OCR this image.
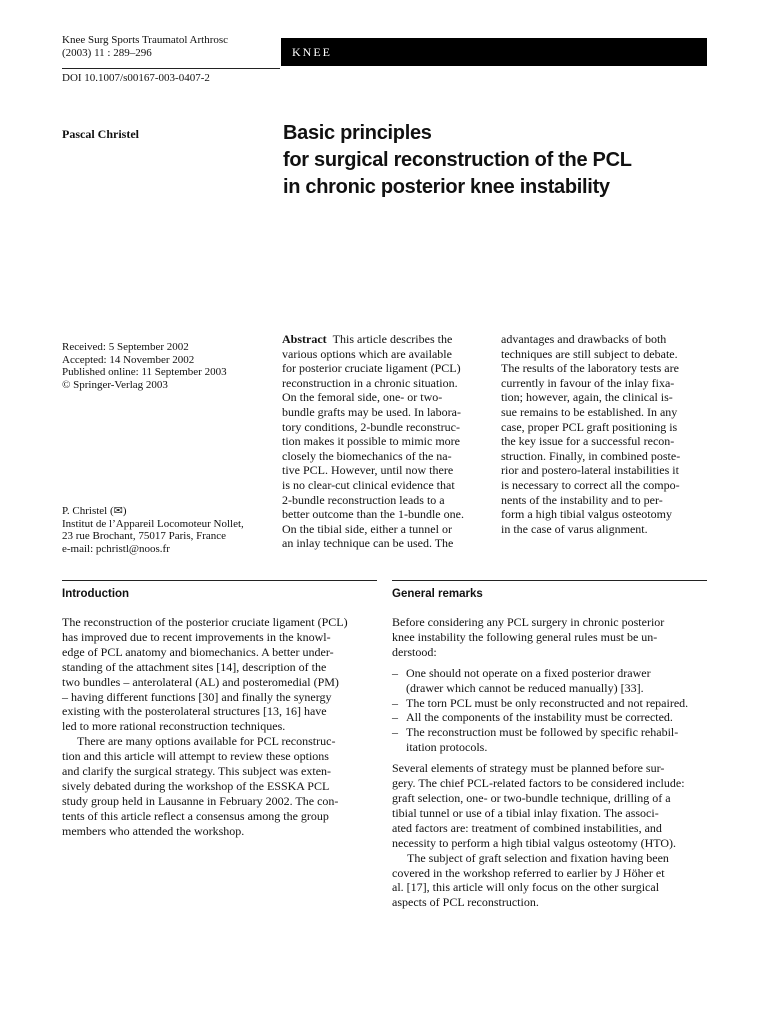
Knee Surg Sports Traumatol Arthrosc
(2003) 11 : 289–296	KNEE
DOI 10.1007/s00167-003-0407-2
Pascal Christel	Basic principles
for surgical reconstruction of the PCL
in chronic posterior knee instability
Received: 5 September 2002
Accepted: 14 November 2002
Published online: 11 September 2003
© Springer-Verlag 2003
P. Christel (✉)
Institut de l’Appareil Locomoteur Nollet,
23 rue Brochant, 75017 Paris, France
e-mail: pchristl@noos.fr
Abstract This article describes the
various options which are available
for posterior cruciate ligament (PCL)
reconstruction in a chronic situation.
On the femoral side, one- or two-
bundle grafts may be used. In labora-
tory conditions, 2-bundle reconstruc-
tion makes it possible to mimic more
closely the biomechanics of the na-
tive PCL. However, until now there
is no clear-cut clinical evidence that
2-bundle reconstruction leads to a
better outcome than the 1-bundle one.
On the tibial side, either a tunnel or
an inlay technique can be used. The
advantages and drawbacks of both
techniques are still subject to debate.
The results of the laboratory tests are
currently in favour of the inlay fixa-
tion; however, again, the clinical is-
sue remains to be established. In any
case, proper PCL graft positioning is
the key issue for a successful recon-
struction. Finally, in combined poste-
rior and postero-lateral instabilities it
is necessary to correct all the compo-
nents of the instability and to per-
form a high tibial valgus osteotomy
in the case of varus alignment.
Introduction
The reconstruction of the posterior cruciate ligament (PCL)
has improved due to recent improvements in the knowl-
edge of PCL anatomy and biomechanics. A better under-
standing of the attachment sites [14], description of the
two bundles – anterolateral (AL) and posteromedial (PM)
– having different functions [30] and finally the synergy
existing with the posterolateral structures [13, 16] have
led to more rational reconstruction techniques.
There are many options available for PCL reconstruc-
tion and this article will attempt to review these options
and clarify the surgical strategy. This subject was exten-
sively debated during the workshop of the ESSKA PCL
study group held in Lausanne in February 2002. The con-
tents of this article reflect a consensus among the group
members who attended the workshop.
General remarks
Before considering any PCL surgery in chronic posterior
knee instability the following general rules must be un-
derstood:
– One should not operate on a fixed posterior drawer
(drawer which cannot be reduced manually) [33].
– The torn PCL must be only reconstructed and not repaired.
– All the components of the instability must be corrected.
– The reconstruction must be followed by specific rehabil-
itation protocols.
Several elements of strategy must be planned before sur-
gery. The chief PCL-related factors to be considered include:
graft selection, one- or two-bundle technique, drilling of a
tibial tunnel or use of a tibial inlay fixation. The associ-
ated factors are: treatment of combined instabilities, and
necessity to perform a high tibial valgus osteotomy (HTO).
The subject of graft selection and fixation having been
covered in the workshop referred to earlier by J Höher et
al. [17], this article will only focus on the other surgical
aspects of PCL reconstruction.
